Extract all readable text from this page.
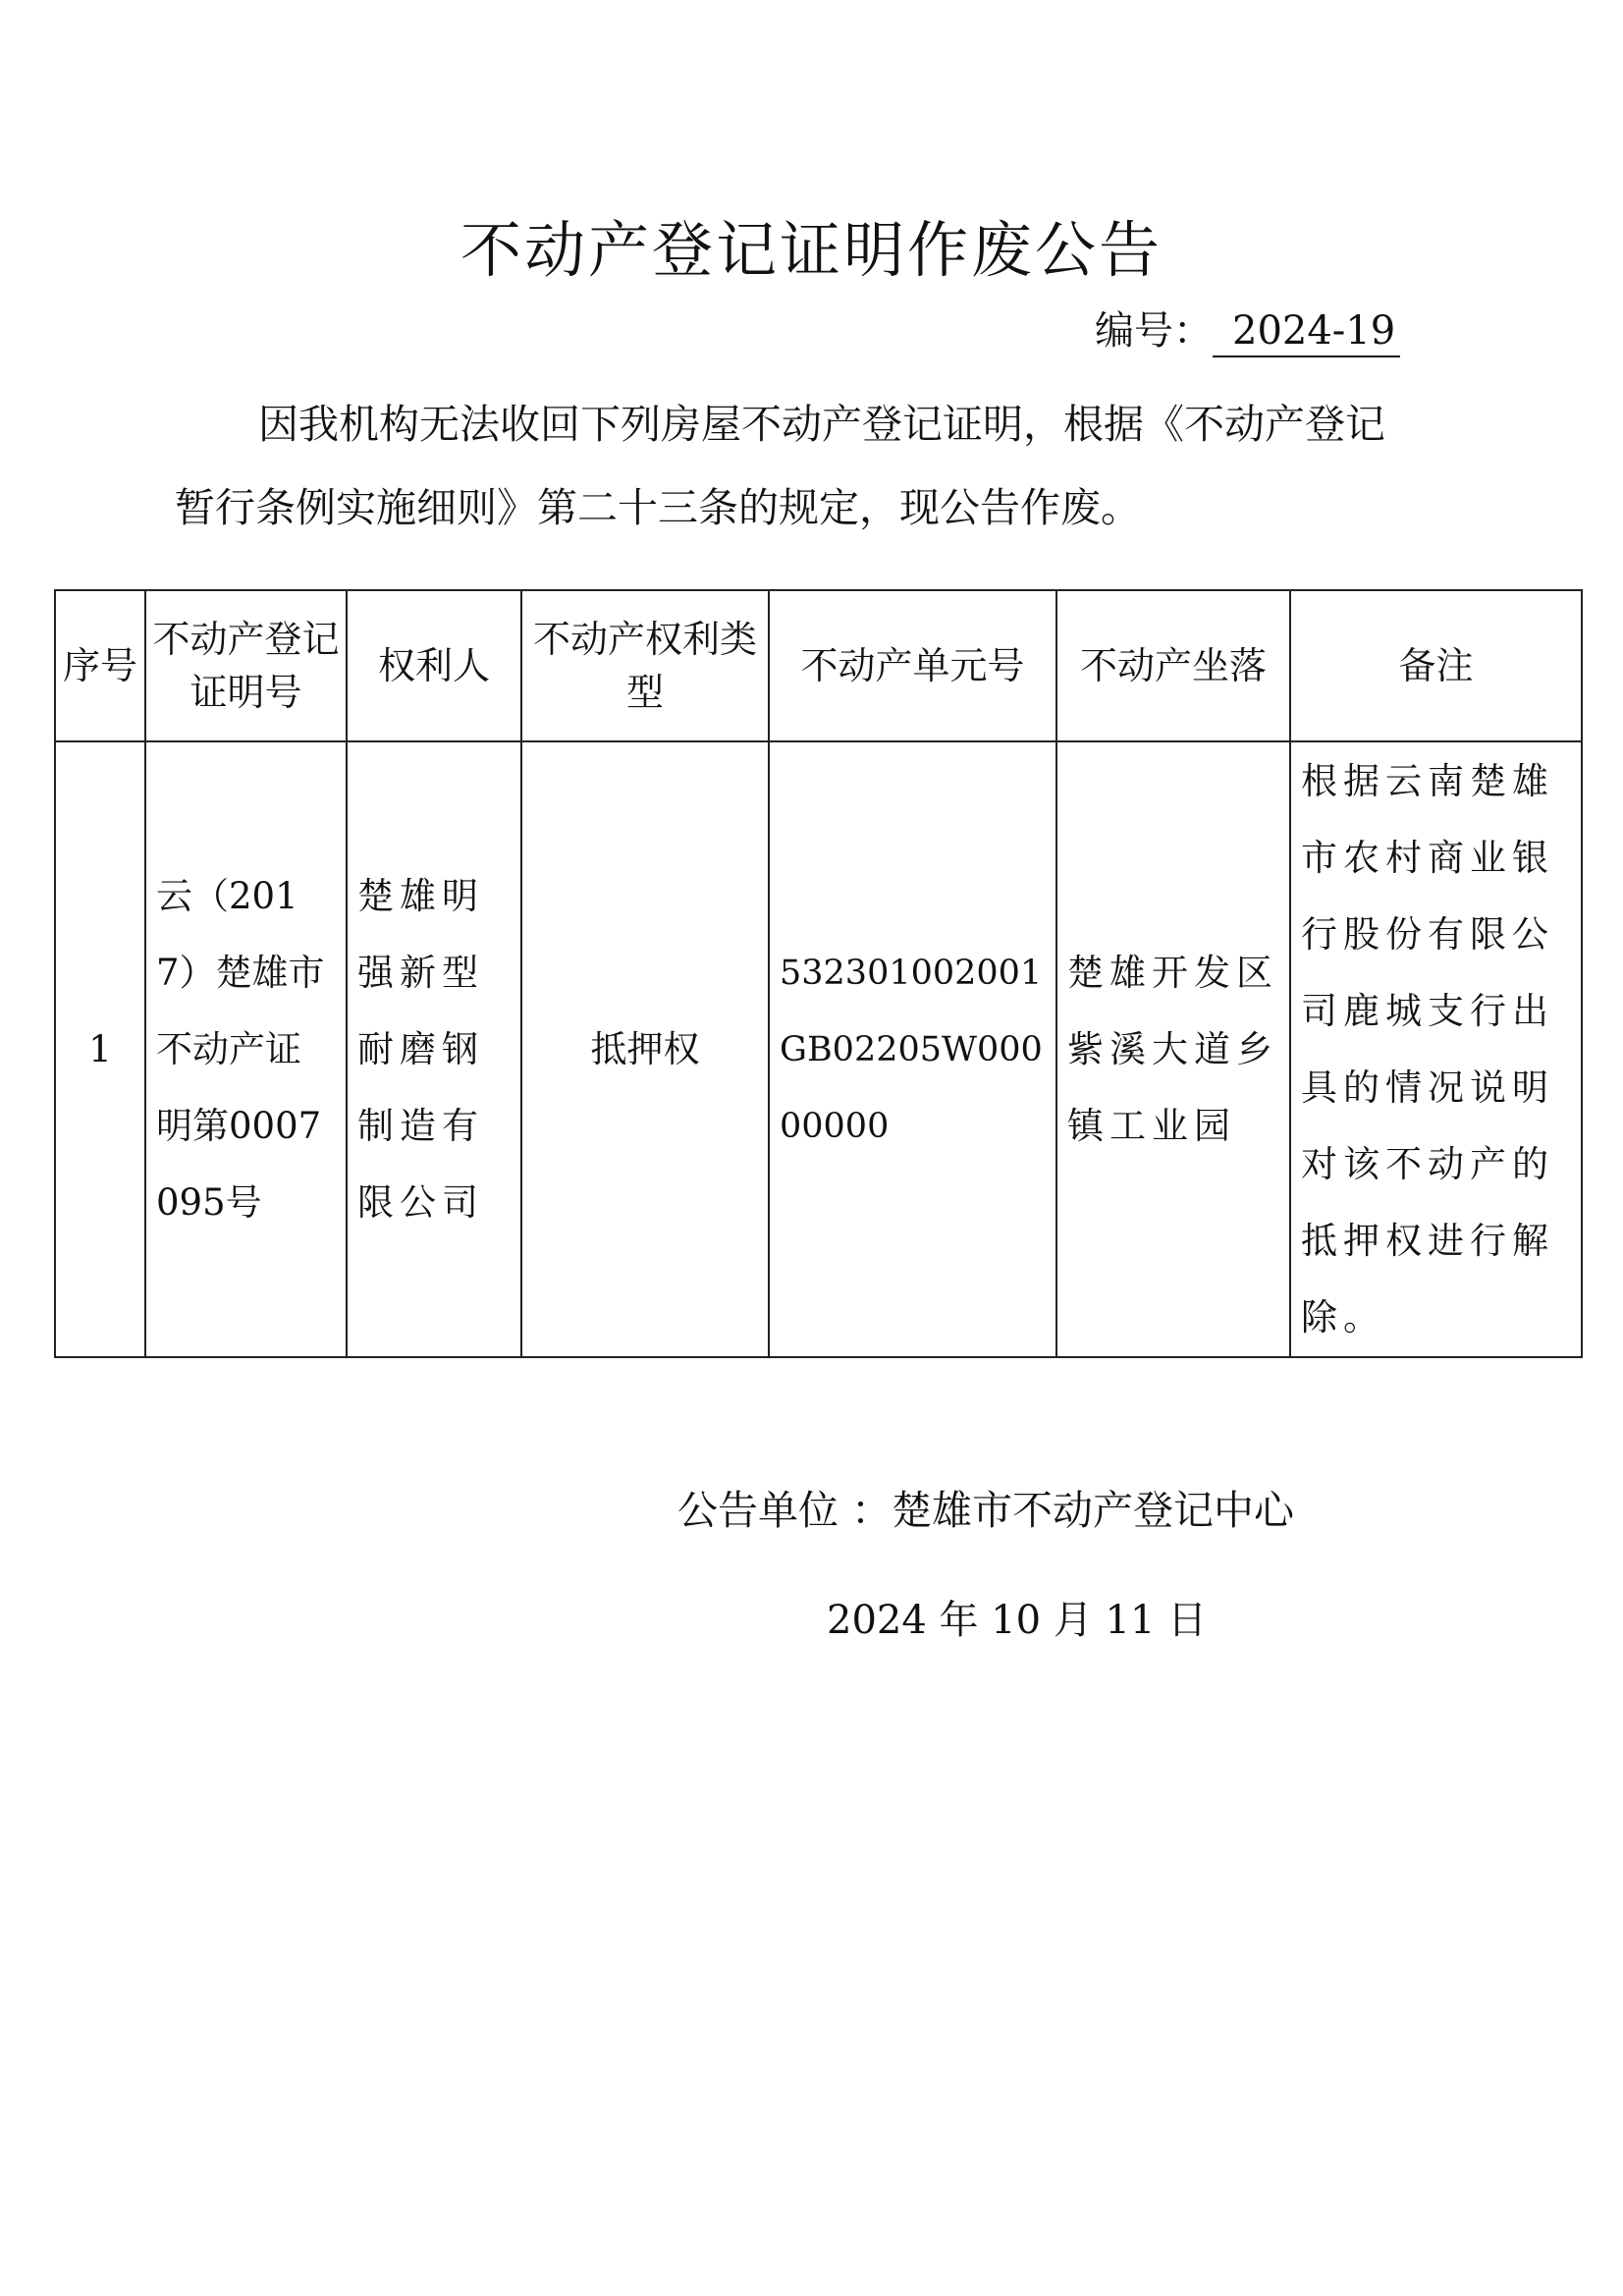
不动产登记证明作废公告
编号： 2024-19

因我机构无法收回下列房屋不动产登记证明，根据《不动产登记
暂行条例实施细则》第二十三条的规定，现公告作废。

序号	不动产登记证明号	权利人	不动产权利类型	不动产单元号	不动产坐落	备注
1	云（2017）楚雄市不动产证明第0007095号	楚雄明强新型耐磨钢制造有限公司	抵押权	532301002001GB02205W00000000	楚雄开发区紫溪大道乡镇工业园	根据云南楚雄市农村商业银行股份有限公司鹿城支行出具的情况说明对该不动产的抵押权进行解除。
公告单位 ：楚雄市不动产登记中心
2024 年 10 月 11 日
